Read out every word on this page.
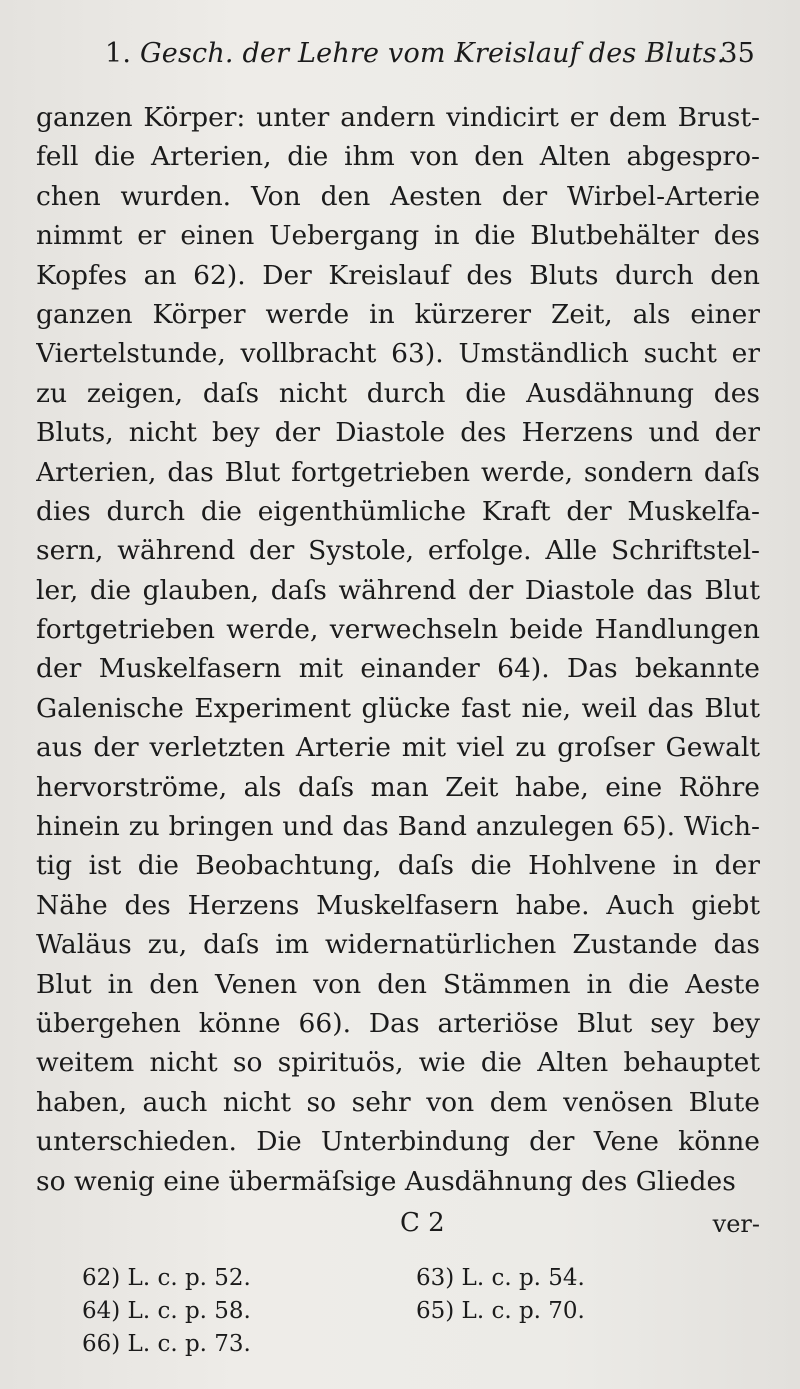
1. Gesch. der Lehre vom Kreislauf des Bluts.
35
ganzen Körper: unter andern vindicirt er dem Brust-
fell die Arterien, die ihm von den Alten abgespro-
chen wurden. Von den Aesten der Wirbel-Arterie
nimmt er einen Uebergang in die Blutbehälter des
Kopfes an 62). Der Kreislauf des Bluts durch den
ganzen Körper werde in kürzerer Zeit, als einer
Viertelstunde, vollbracht 63). Umständlich sucht er
zu zeigen, daſs nicht durch die Ausdähnung des
Bluts, nicht bey der Diastole des Herzens und der
Arterien, das Blut fortgetrieben werde, sondern daſs
dies durch die eigenthümliche Kraft der Muskelfa-
sern, während der Systole, erfolge. Alle Schriftstel-
ler, die glauben, daſs während der Diastole das Blut
fortgetrieben werde, verwechseln beide Handlungen
der Muskelfasern mit einander 64). Das bekannte
Galenische Experiment glücke fast nie, weil das Blut
aus der verletzten Arterie mit viel zu groſser Gewalt
hervorströme, als daſs man Zeit habe, eine Röhre
hinein zu bringen und das Band anzulegen 65). Wich-
tig ist die Beobachtung, daſs die Hohlvene in der
Nähe des Herzens Muskelfasern habe. Auch giebt
Waläus zu, daſs im widernatürlichen Zustande das
Blut in den Venen von den Stämmen in die Aeste
übergehen könne 66). Das arteriöse Blut sey bey
weitem nicht so spirituös, wie die Alten behauptet
haben, auch nicht so sehr von dem venösen Blute
unterschieden. Die Unterbindung der Vene könne
so wenig eine übermäſsige Ausdähnung des Gliedes
C 2	ver-
62) L. c. p. 52.	63) L. c. p. 54.
64) L. c. p. 58.	65) L. c. p. 70.
66) L. c. p. 73.
